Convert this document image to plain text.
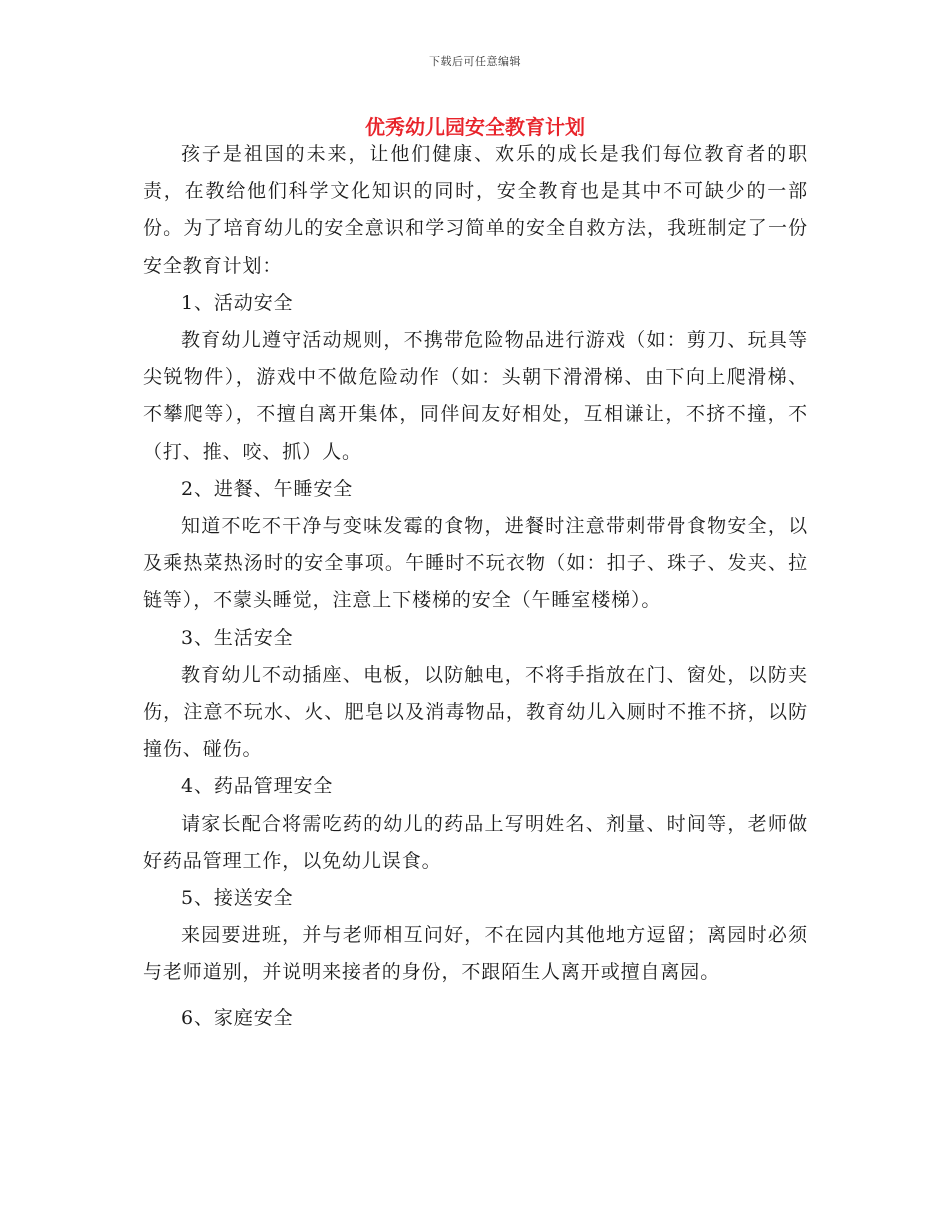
下载后可任意编辑
优秀幼儿园安全教育计划

孩子是祖国的未来，让他们健康、欢乐的成长是我们每位教育者的职责，在教给他们科学文化知识的同时，安全教育也是其中不可缺少的一部份。为了培育幼儿的安全意识和学习简单的安全自救方法，我班制定了一份安全教育计划：

1、活动安全

教育幼儿遵守活动规则，不携带危险物品进行游戏（如：剪刀、玩具等尖锐物件），游戏中不做危险动作（如：头朝下滑滑梯、由下向上爬滑梯、不攀爬等），不擅自离开集体，同伴间友好相处，互相谦让，不挤不撞，不（打、推、咬、抓）人。

2、进餐、午睡安全

知道不吃不干净与变味发霉的食物，进餐时注意带刺带骨食物安全，以及乘热菜热汤时的安全事项。午睡时不玩衣物（如：扣子、珠子、发夹、拉链等），不蒙头睡觉，注意上下楼梯的安全（午睡室楼梯）。

3、生活安全

教育幼儿不动插座、电板，以防触电，不将手指放在门、窗处，以防夹伤，注意不玩水、火、肥皂以及消毒物品，教育幼儿入厕时不推不挤，以防撞伤、碰伤。

4、药品管理安全

请家长配合将需吃药的幼儿的药品上写明姓名、剂量、时间等，老师做好药品管理工作，以免幼儿误食。

5、接送安全

来园要进班，并与老师相互问好，不在园内其他地方逗留；离园时必须与老师道别，并说明来接者的身份，不跟陌生人离开或擅自离园。

6、家庭安全
